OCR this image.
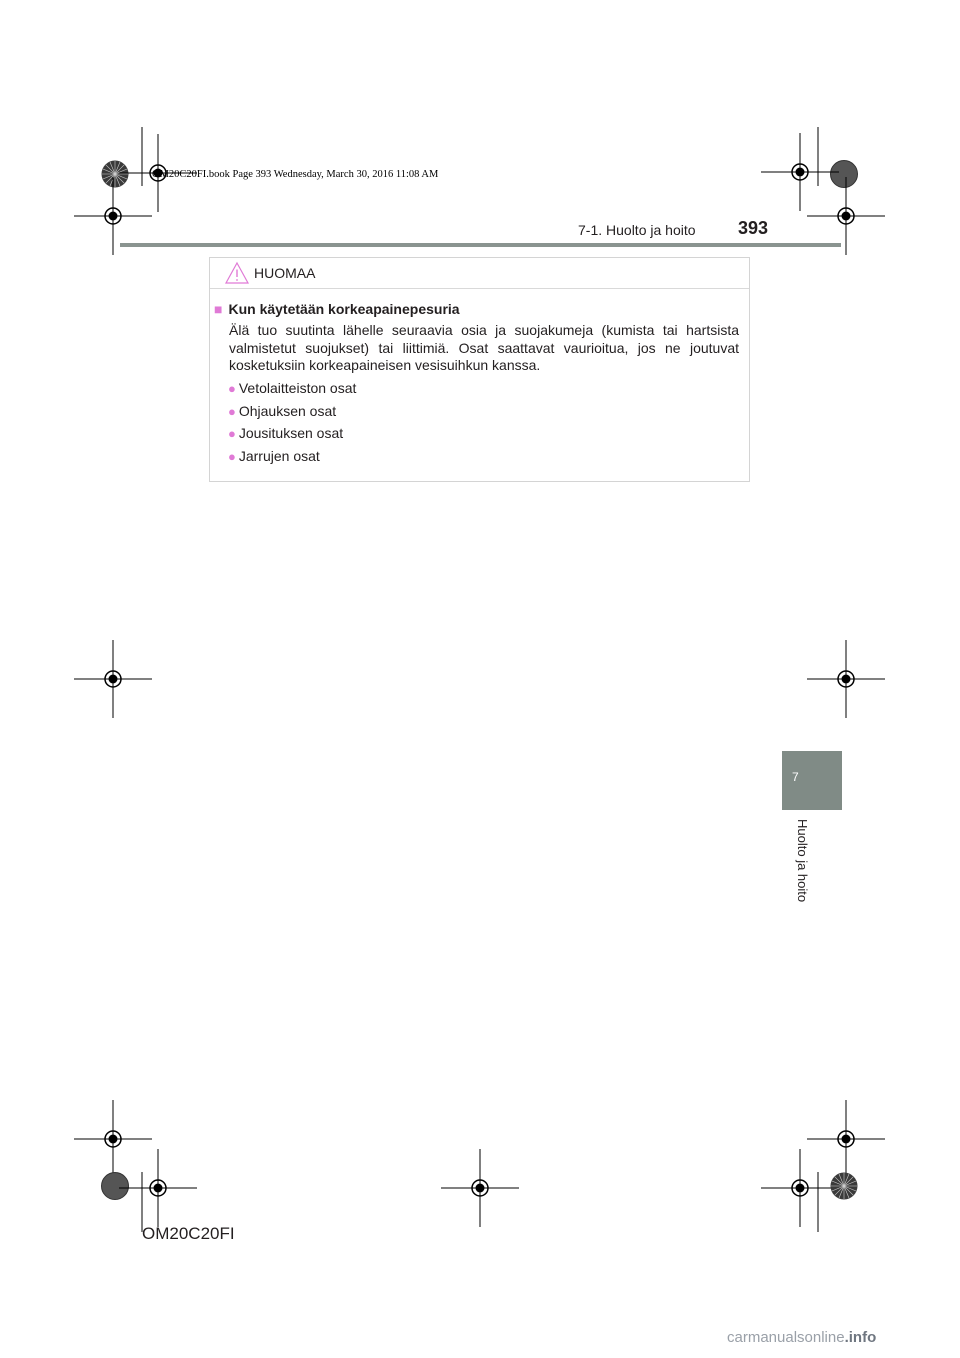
OM20C20FI.book Page 393 Wednesday, March 30, 2016 11:08 AM
7-1. Huolto ja hoito 393
7
Huolto ja hoito
HUOMAA
■ Kun käytetään korkeapainepesuria
Älä tuo suutinta lähelle seuraavia osia ja suojakumeja (kumista tai hartsista valmistetut suojukset) tai liittimiä. Osat saattavat vaurioitua, jos ne joutuvat kosketuksiin korkeapaineisen vesisuihkun kanssa.
● Vetolaitteiston osat
● Ohjauksen osat
● Jousituksen osat
● Jarrujen osat
OM20C20FI
carmanualsonline.info
